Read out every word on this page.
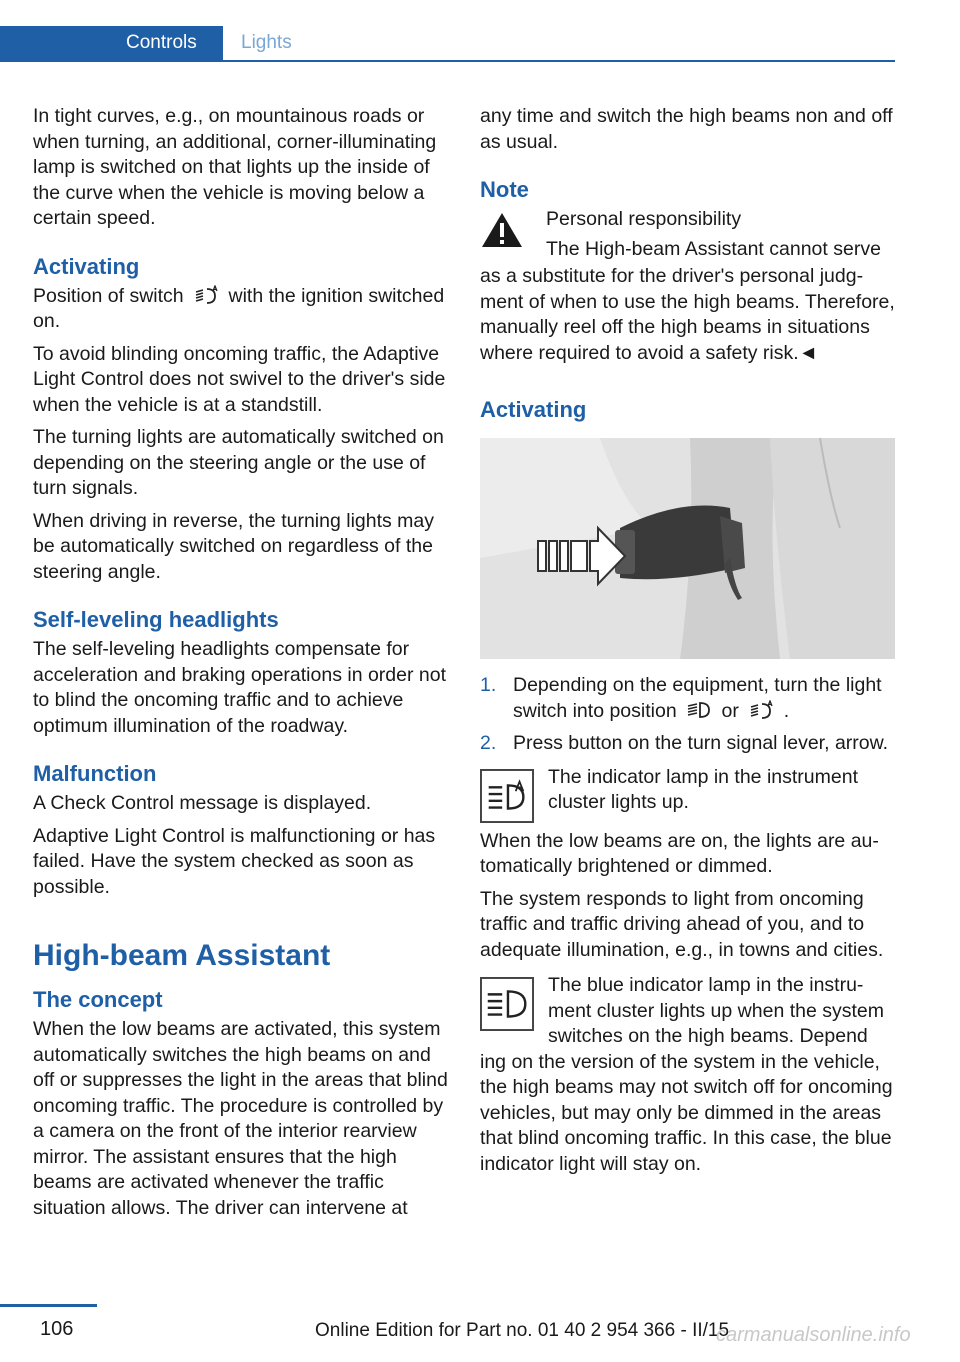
Controls Lights

In tight curves, e.g., on mountainous roads or when turning, an additional, corner-illuminating lamp is switched on that lights up the inside of the curve when the vehicle is moving below a certain speed.

Activating

Position of switch with the ignition switched on.

To avoid blinding oncoming traffic, the Adaptive Light Control does not swivel to the driver's side when the vehicle is at a standstill.

The turning lights are automatically switched on depending on the steering angle or the use of turn signals.

When driving in reverse, the turning lights may be automatically switched on regardless of the steering angle.

Self-leveling headlights

The self-leveling headlights compensate for acceleration and braking operations in order not to blind the oncoming traffic and to achieve optimum illumination of the roadway.

Malfunction

A Check Control message is displayed.

Adaptive Light Control is malfunctioning or has failed. Have the system checked as soon as possible.

High-beam Assistant
The concept

When the low beams are activated, this system automatically switches the high beams on and off or suppresses the light in the areas that blind oncoming traffic. The procedure is controlled by a camera on the front of the interior rearview mirror. The assistant ensures that the high beams are activated whenever the traffic situation allows. The driver can intervene at

any time and switch the high beams non and off as usual.

Note

Personal responsibility

The High-beam Assistant cannot serve

as a substitute for the driver's personal judgment of when to use the high beams. Therefore, manually reel off the high beams in situations where required to avoid a safety risk.◄

Activating
1. Depending on the equipment, turn the light switch into position or .
2. Press button on the turn signal lever, arrow.

The indicator lamp in the instrument cluster lights up.

When the low beams are on, the lights are automatically brightened or dimmed.

The system responds to light from oncoming traffic and traffic driving ahead of you, and to adequate illumination, e.g., in towns and cities.

The blue indicator lamp in the instrument cluster lights up when the system switches on the high beams. Depend

ing on the version of the system in the vehicle, the high beams may not switch off for oncoming vehicles, but may only be dimmed in the areas that blind oncoming traffic. In this case, the blue indicator light will stay on.

106	Online Edition for Part no. 01 40 2 954 366 - II/15
carmanualsonline.info
